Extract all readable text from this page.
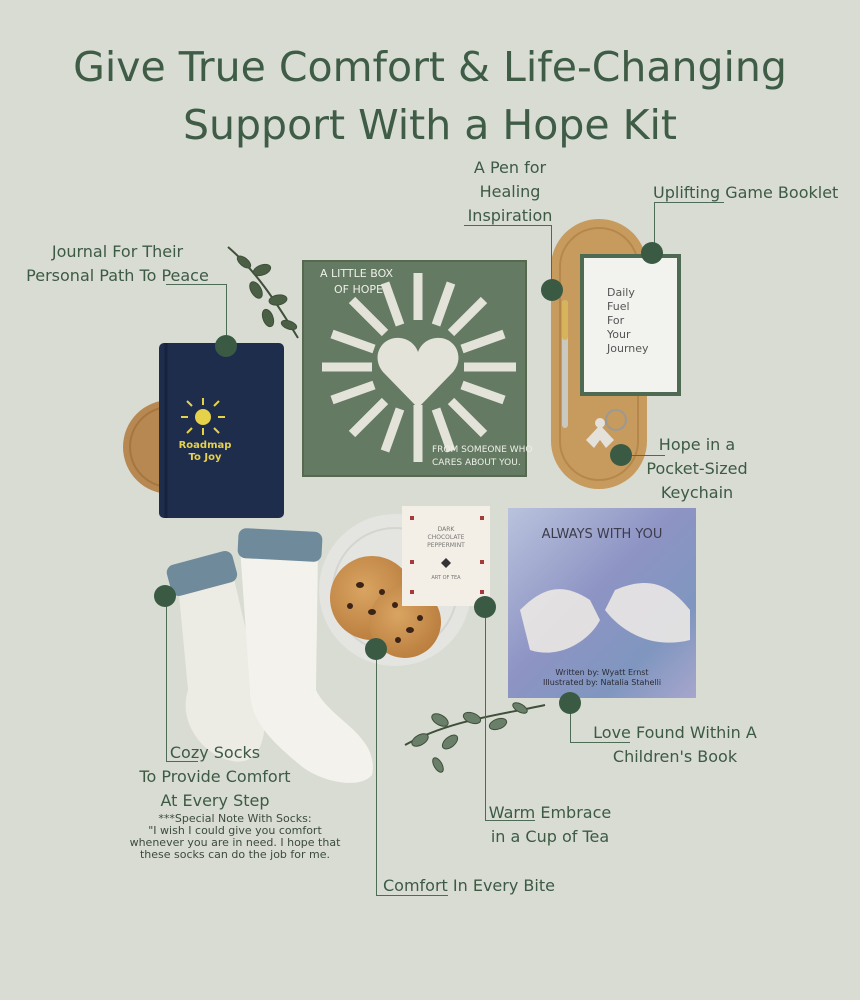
Give True Comfort & Life-Changing
Support With a Hope Kit
A LITTLE BOX
OF HOPE
FROM SOMEONE WHO
CARES ABOUT YOU.
Roadmap
To Joy
Daily
Fuel
For
Your
Journey
DARK
CHOCOLATE
PEPPERMINT
ART OF TEA
ALWAYS WITH YOU
Written by: Wyatt Ernst
Illustrated by: Natalia Stahelli
A Pen for
Healing
Inspiration
Uplifting Game Booklet
Journal For Their
Personal Path To Peace
Hope in a
Pocket-Sized
Keychain
Cozy Socks
To Provide Comfort
At Every Step
***Special Note With Socks:
"I wish I could give you comfort
whenever you are in need. I hope that
these socks can do the job for me.
Love Found Within A
Children's Book
Warm Embrace
in a Cup of Tea
Comfort In Every Bite
